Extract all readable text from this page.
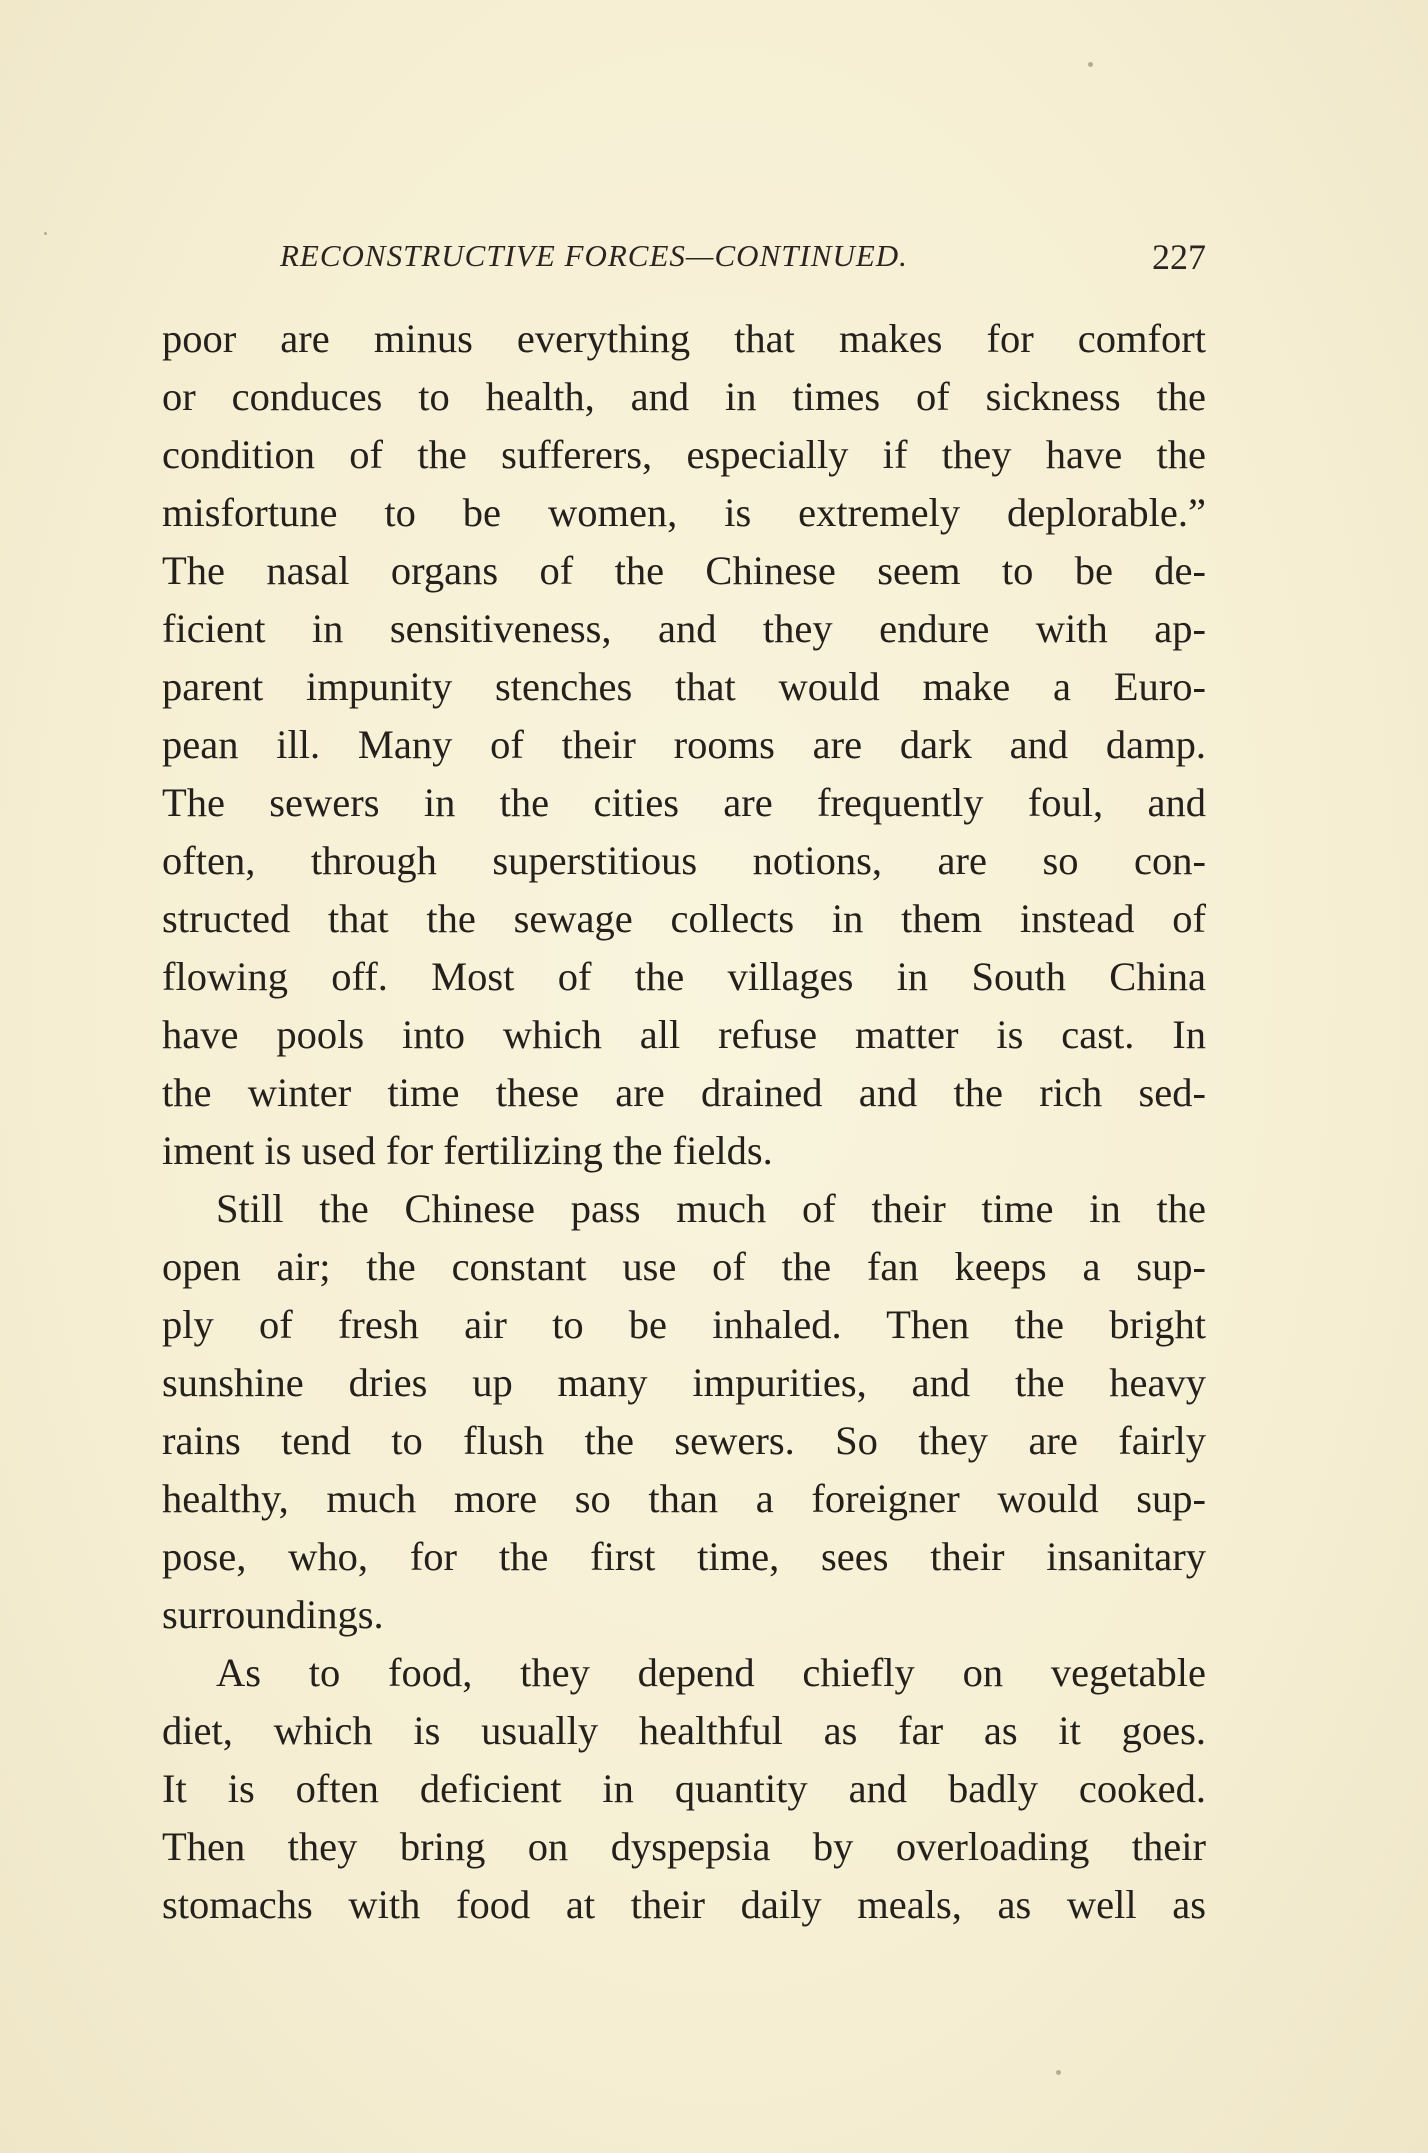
RECONSTRUCTIVE FORCES—CONTINUED.	227
poor are minus everything that makes for comfort
or conduces to health, and in times of sickness the
condition of the sufferers, especially if they have the
misfortune to be women, is extremely deplorable.”
The nasal organs of the Chinese seem to be de-
ficient in sensitiveness, and they endure with ap-
parent impunity stenches that would make a Euro-
pean ill. Many of their rooms are dark and damp.
The sewers in the cities are frequently foul, and
often, through superstitious notions, are so con-
structed that the sewage collects in them instead of
flowing off. Most of the villages in South China
have pools into which all refuse matter is cast. In
the winter time these are drained and the rich sed-
iment is used for fertilizing the fields.
Still the Chinese pass much of their time in the
open air; the constant use of the fan keeps a sup-
ply of fresh air to be inhaled. Then the bright
sunshine dries up many impurities, and the heavy
rains tend to flush the sewers. So they are fairly
healthy, much more so than a foreigner would sup-
pose, who, for the first time, sees their insanitary
surroundings.
As to food, they depend chiefly on vegetable
diet, which is usually healthful as far as it goes.
It is often deficient in quantity and badly cooked.
Then they bring on dyspepsia by overloading their
stomachs with food at their daily meals, as well as
